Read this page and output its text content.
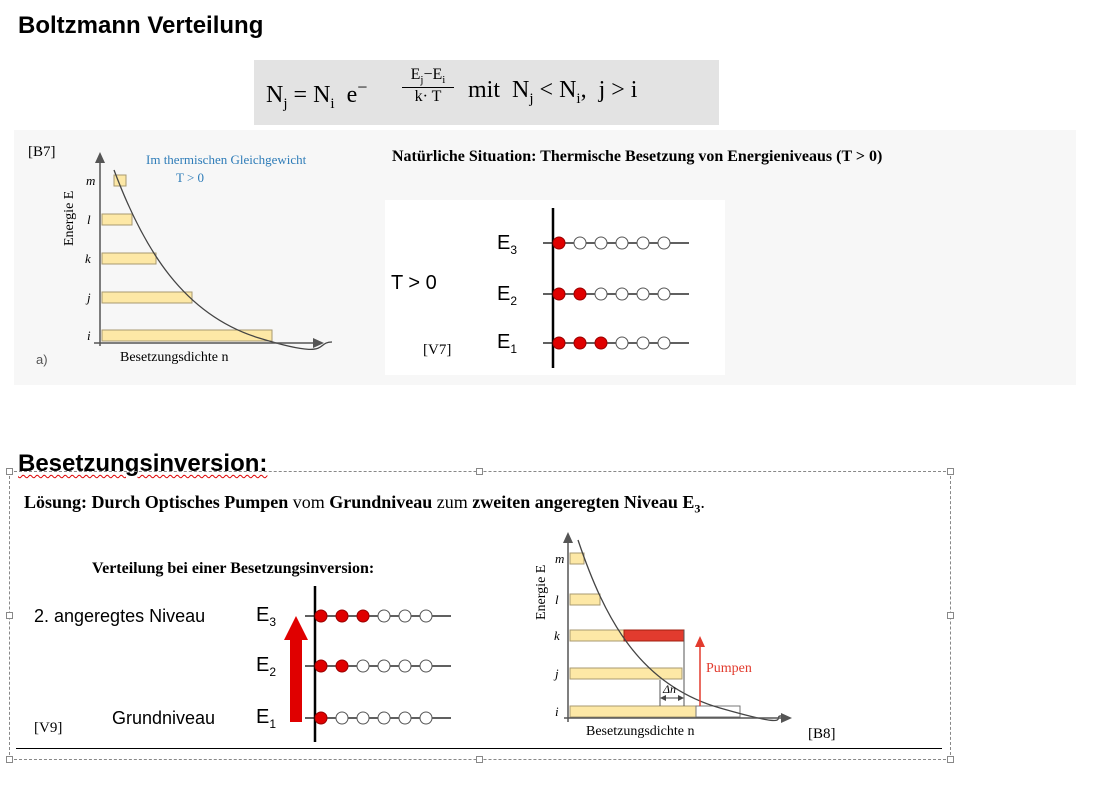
Boltzmann Verteilung
$N_j = N_i$ e−
$E_j-E_i$
k· T	mit $N_j < N_i$, j > i
[B7]	Im thermischen Gleichgewicht
T > 0
Energie E
m
l
k
j
i
Besetzungsdichte n
a)
Natürliche Situation: Thermische Besetzung von Energieniveaus (T > 0)
T > 0
[V7]
$E_3$
$E_2$
$E_1$
Besetzungsinversion:
Lösung: Durch Optisches Pumpen vom Grundniveau zum zweiten angeregten Niveau $E_3$.
Verteilung bei einer Besetzungsinversion:
2. angeregtes Niveau
Grundniveau
[V9]
$E_3$
$E_2$
$E_1$
Energie E
m
l
k
j
i
Pumpen
Δn
Besetzungsdichte n	[B8]
